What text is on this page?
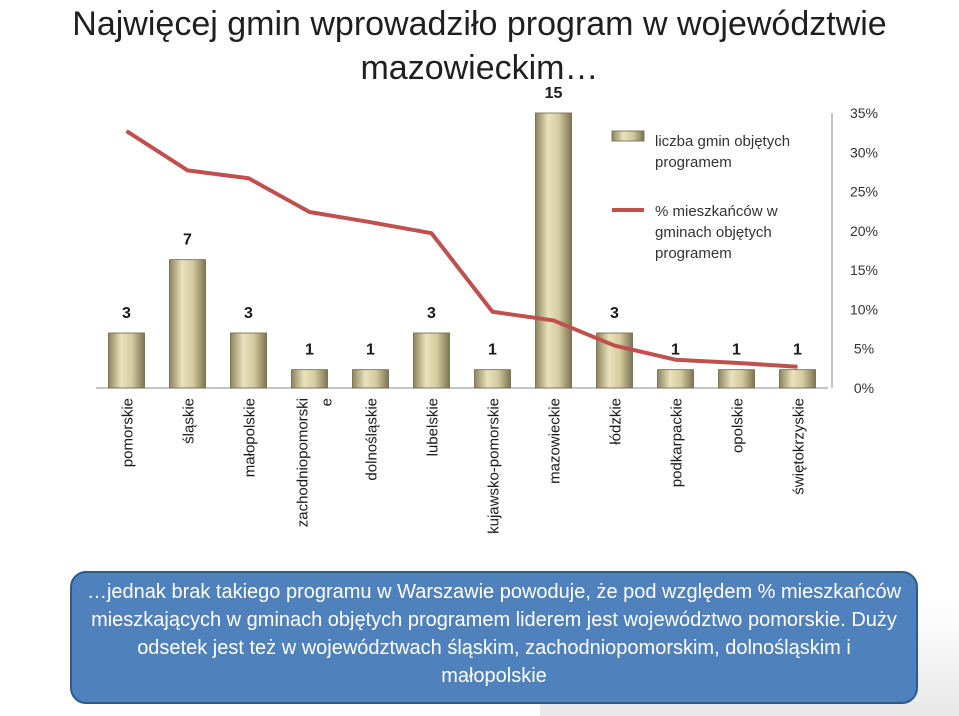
Najwięcej gmin wprowadziło program w województwie mazowieckim…
3
7
3
1	1
3
1
15
3
1	1	1
pomorskie	śląskie	małopolskie zachodniopomorski e dolnośląskie	lubelskie	kujawsko-pomorskie	mazowieckie	łódzkie	podkarpackie	opolskie	świętokrzyskie
35%
30%
25%
20%
15%
10%
5%
0%
liczba gmin objętych programem
% mieszkańców w gminach objętych programem
…jednak brak takiego programu w Warszawie powoduje, że pod względem % mieszkańców mieszkających w gminach objętych programem liderem jest województwo pomorskie. Duży odsetek jest też w województwach śląskim, zachodniopomorskim, dolnośląskim i małopolskie
